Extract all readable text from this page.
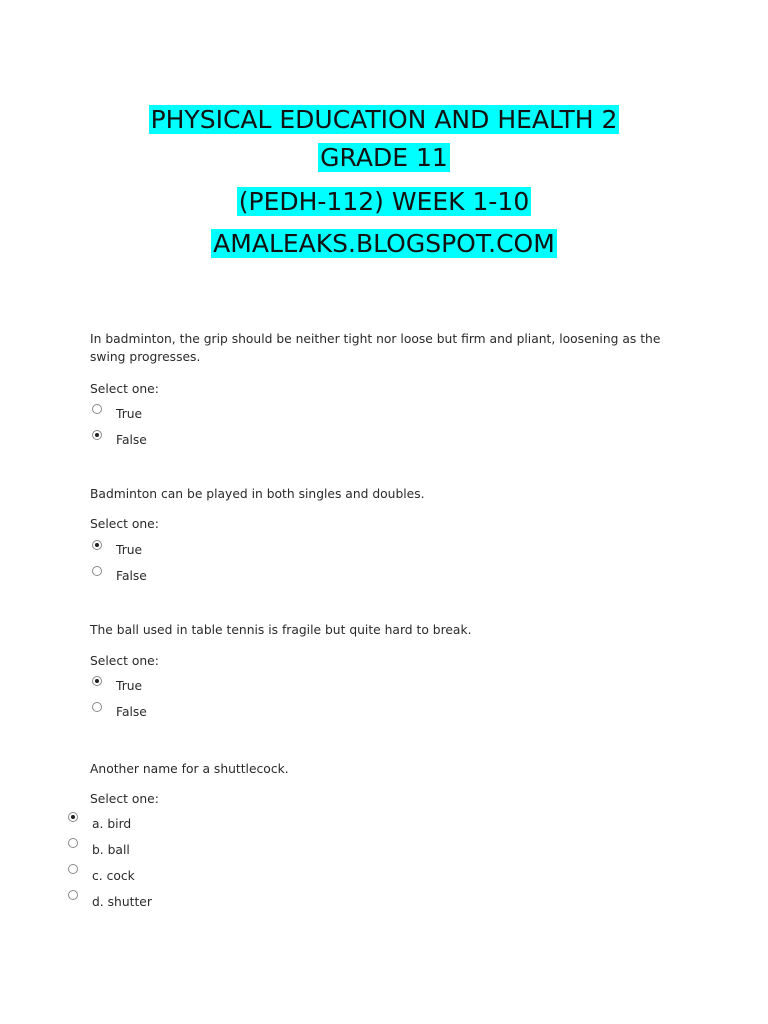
PHYSICAL EDUCATION AND HEALTH 2
GRADE 11
(PEDH-112) WEEK 1-10
AMALEAKS.BLOGSPOT.COM
In badminton, the grip should be neither tight nor loose but firm and pliant, loosening as the swing progresses.
Select one:
True
False
Badminton can be played in both singles and doubles.
Select one:
True
False
The ball used in table tennis is fragile but quite hard to break.
Select one:
True
False
Another name for a shuttlecock.
Select one:
a. bird
b. ball
c. cock
d. shutter
